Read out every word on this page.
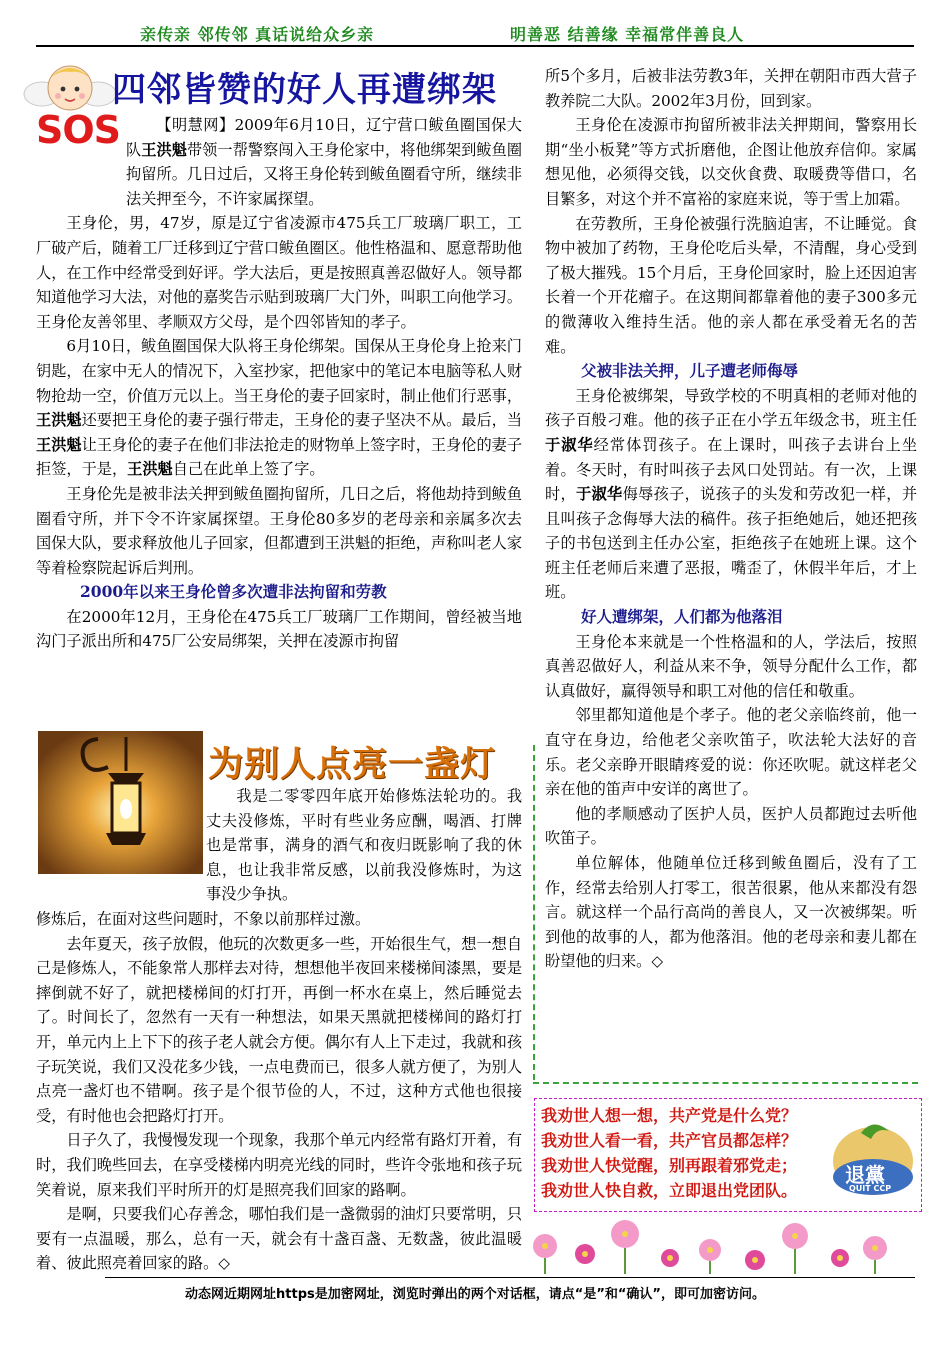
亲传亲 邻传邻 真话说给众乡亲	明善恶 结善缘 幸福常伴善良人
SOS
四邻皆赞的好人再遭绑架

【明慧网】2009年6月10日，辽宁营口鲅鱼圈国保大队王洪魁带领一帮警察闯入王身伦家中，将他绑架到鲅鱼圈拘留所。几日过后，又将王身伦转到鲅鱼圈看守所，继续非法关押至今，不许家属探望。

王身伦，男，47岁，原是辽宁省凌源市475兵工厂玻璃厂职工，工厂破产后，随着工厂迁移到辽宁营口鲅鱼圈区。他性格温和、愿意帮助他人，在工作中经常受到好评。学大法后，更是按照真善忍做好人。领导都知道他学习大法，对他的嘉奖告示贴到玻璃厂大门外，叫职工向他学习。王身伦友善邻里、孝顺双方父母，是个四邻皆知的孝子。

6月10日，鲅鱼圈国保大队将王身伦绑架。国保从王身伦身上抢来门钥匙，在家中无人的情况下，入室抄家，把他家中的笔记本电脑等私人财物抢劫一空，价值万元以上。当王身伦的妻子回家时，制止他们行恶事，王洪魁还要把王身伦的妻子强行带走，王身伦的妻子坚决不从。最后，当王洪魁让王身伦的妻子在他们非法抢走的财物单上签字时，王身伦的妻子拒签，于是，王洪魁自己在此单上签了字。

王身伦先是被非法关押到鲅鱼圈拘留所，几日之后，将他劫持到鲅鱼圈看守所，并下令不许家属探望。王身伦80多岁的老母亲和亲属多次去国保大队，要求释放他儿子回家，但都遭到王洪魁的拒绝，声称叫老人家等着检察院起诉后判刑。

2000年以来王身伦曾多次遭非法拘留和劳教

在2000年12月，王身伦在475兵工厂玻璃厂工作期间，曾经被当地沟门子派出所和475厂公安局绑架，关押在凌源市拘留

所5个多月，后被非法劳教3年，关押在朝阳市西大营子教养院二大队。2002年3月份，回到家。

王身伦在凌源市拘留所被非法关押期间，警察用长期“坐小板凳”等方式折磨他，企图让他放弃信仰。家属想见他，必须得交钱，以交伙食费、取暖费等借口，名目繁多，对这个并不富裕的家庭来说，等于雪上加霜。

在劳教所，王身伦被强行洗脑迫害，不让睡觉。食物中被加了药物，王身伦吃后头晕，不清醒，身心受到了极大摧残。15个月后，王身伦回家时，脸上还因迫害长着一个开花瘤子。在这期间都靠着他的妻子300多元的微薄收入维持生活。他的亲人都在承受着无名的苦难。

父被非法关押，儿子遭老师侮辱

王身伦被绑架，导致学校的不明真相的老师对他的孩子百般刁难。他的孩子正在小学五年级念书，班主任于淑华经常体罚孩子。在上课时，叫孩子去讲台上坐着。冬天时，有时叫孩子去风口处罚站。有一次，上课时，于淑华侮辱孩子，说孩子的头发和劳改犯一样，并且叫孩子念侮辱大法的稿件。孩子拒绝她后，她还把孩子的书包送到主任办公室，拒绝孩子在她班上课。这个班主任老师后来遭了恶报，嘴歪了，休假半年后，才上班。

好人遭绑架，人们都为他落泪

王身伦本来就是一个性格温和的人，学法后，按照真善忍做好人，利益从来不争，领导分配什么工作，都认真做好，赢得领导和职工对他的信任和敬重。

邻里都知道他是个孝子。他的老父亲临终前，他一直守在身边，给他老父亲吹笛子，吹法轮大法好的音乐。老父亲睁开眼睛疼爱的说：你还吹呢。就这样老父亲在他的笛声中安详的离世了。

他的孝顺感动了医护人员，医护人员都跑过去听他吹笛子。

单位解体，他随单位迁移到鲅鱼圈后，没有了工作，经常去给别人打零工，很苦很累，他从来都没有怨言。就这样一个品行高尚的善良人，又一次被绑架。听到他的故事的人，都为他落泪。他的老母亲和妻儿都在盼望他的归来。◇

为别人点亮一盏灯

我是二零零四年底开始修炼法轮功的。我丈夫没修炼，平时有些业务应酬，喝酒、打牌也是常事，满身的酒气和夜归既影响了我的休息，也让我非常反感，以前我没修炼时，为这事没少争执。

修炼后，在面对这些问题时，不象以前那样过激。

去年夏天，孩子放假，他玩的次数更多一些，开始很生气，想一想自己是修炼人，不能象常人那样去对待，想想他半夜回来楼梯间漆黑，要是摔倒就不好了，就把楼梯间的灯打开，再倒一杯水在桌上，然后睡觉去了。时间长了，忽然有一天有一种想法，如果天黑就把楼梯间的路灯打开，单元内上上下下的孩子老人就会方便。偶尔有人上下走过，我就和孩子玩笑说，我们又没花多少钱，一点电费而已，很多人就方便了，为别人点亮一盏灯也不错啊。孩子是个很节俭的人，不过，这种方式他也很接受，有时他也会把路灯打开。

日子久了，我慢慢发现一个现象，我那个单元内经常有路灯开着，有时，我们晚些回去，在享受楼梯内明亮光线的同时，些许令张地和孩子玩笑着说，原来我们平时所开的灯是照亮我们回家的路啊。

是啊，只要我们心存善念，哪怕我们是一盏微弱的油灯只要常明，只要有一点温暖，那么，总有一天，就会有十盏百盏、无数盏，彼此温暖着、彼此照亮着回家的路。◇

我劝世人想一想，共产党是什么党？
我劝世人看一看，共产官员都怎样？
我劝世人快觉醒，别再跟着邪党走；
我劝世人快自救，立即退出党团队。
九评
退黨
QUIT CCP
动态网近期网址https是加密网址，浏览时弹出的两个对话框，请点“是”和“确认”，即可加密访问。
